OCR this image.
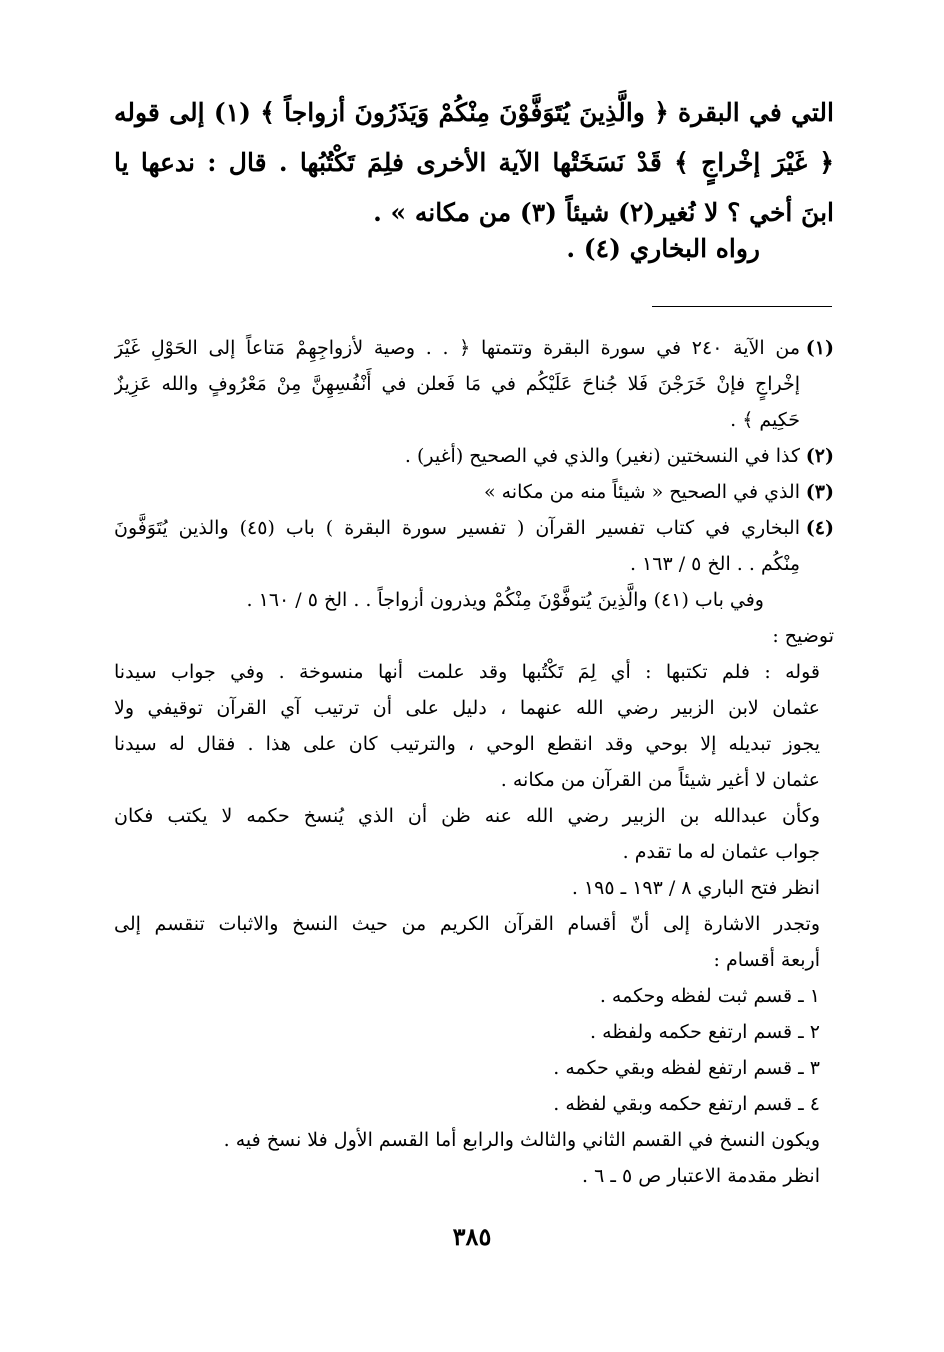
التي في البقرة ﴿ والَّذِينَ يُتَوَفَّوْنَ مِنْكُمْ وَيَذَرُونَ أزواجاً ﴾ (١) إلى قوله
﴿ غَيْرَ إخْراجٍ ﴾ قَدْ نَسَخَتْها الآية الأخرى فلِمَ تَكْتُبُها . قال : ندعها يا
ابنَ أخي ؟ لا نُغير(٢) شيئاً (٣) من مكانه » .
رواه البخاري (٤) .
(١)
من الآية ٢٤٠ في سورة البقرة وتتمتها ﴿ . . وصية لأزواجِهِمْ مَتاعاً إلى الحَوْلِ غَيْرَ
إخْراجٍ فإنْ خَرَجْنَ فَلا جُناحَ عَلَيْكُم في مَا فَعلن في أَنْفُسِهِنَّ مِنْ مَعْرُوفٍ والله عَزِيزٌ
حَكِيم ﴾ .
(٢)
كذا في النسختين (نغير) والذي في الصحيح (أغير) .
(٣)
الذي في الصحيح « شيئاً منه من مكانه »
(٤)
البخاري في كتاب تفسير القرآن ( تفسير سورة البقرة ) باب (٤٥) والذين يُتَوَفَّونَ
مِنْكُم . . الخ ٥ / ١٦٣ .
وفي باب (٤١) والَّذِينَ يُتوفَّوْنَ مِنْكُمْ ويذرون أزواجاً . . الخ ٥ / ١٦٠ .
توضيح :
قوله : فلم تكتبها : أي لِمَ تَكْتُبها وقد علمت أنها منسوخة . وفي جواب سيدنا
عثمان لابن الزبير رضي الله عنهما ، دليل على أن ترتيب آي القرآن توقيفي ولا
يجوز تبديله إلا بوحي وقد انقطع الوحي ، والترتيب كان على هذا . فقال له سيدنا
عثمان لا أغير شيئاً من القرآن من مكانه .
وكأن عبدالله بن الزبير رضي الله عنه ظن أن الذي يُنسخ حكمه لا يكتب فكان
جواب عثمان له ما تقدم .
انظر فتح الباري ٨ / ١٩٣ ـ ١٩٥ .
وتجدر الاشارة إلى أنّ أقسام القرآن الكريم من حيث النسخ والاثبات تنقسم إلى
أربعة أقسام :
١ ـ قسم ثبت لفظه وحكمه .
٢ ـ قسم ارتفع حكمه ولفظه .
٣ ـ قسم ارتفع لفظه وبقي حكمه .
٤ ـ قسم ارتفع حكمه وبقي لفظه .
ويكون النسخ في القسم الثاني والثالث والرابع أما القسم الأول فلا نسخ فيه .
انظر مقدمة الاعتبار ص ٥ ـ ٦ .
٣٨٥
